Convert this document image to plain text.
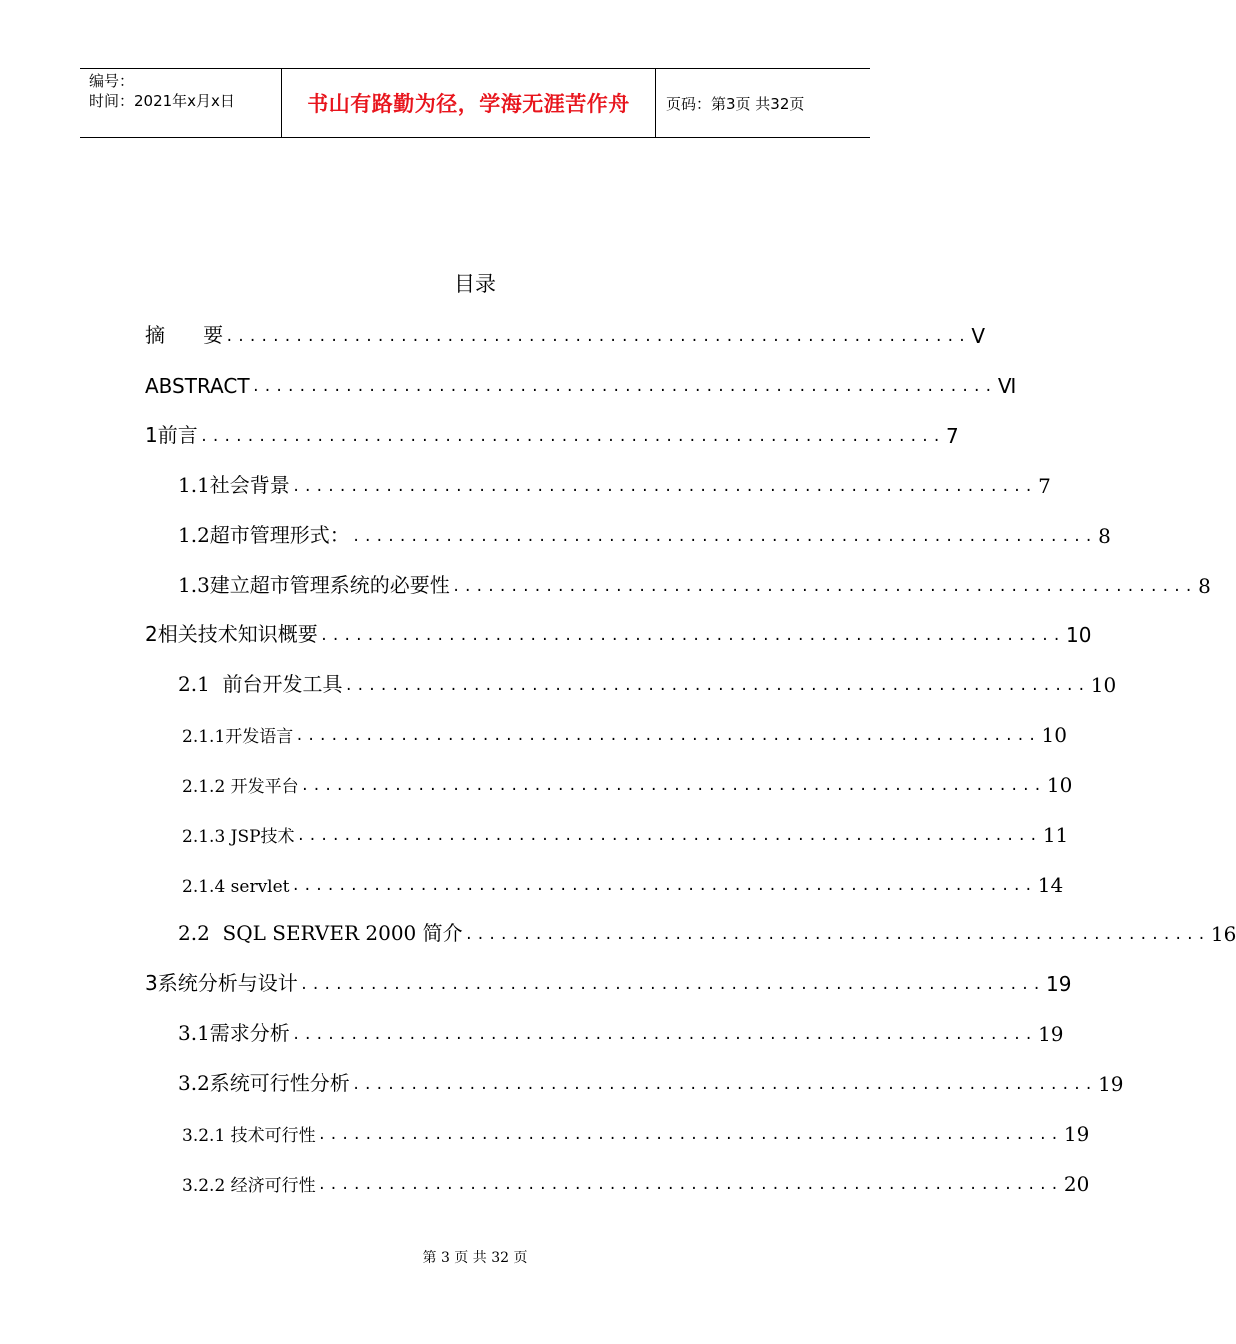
编号：
时间：2021年x月x日	书山有路勤为径，学海无涯苦作舟 页码：第3页 共32页
目录
摘      要 ................................................................ Ⅴ
ABSTRACT ................................................................ Ⅵ
1前言 ................................................................ 7
1.1社会背景 ................................................................ 7
1.2超市管理形式： ................................................................ 8
1.3建立超市管理系统的必要性 ................................................................ 8
2相关技术知识概要 ................................................................ 10
2.1  前台开发工具 ................................................................ 10
2.1.1开发语言 ................................................................ 10
2.1.2 开发平台 ................................................................ 10
2.1.3 JSP技术 ................................................................ 11
2.1.4 servlet ................................................................ 14
2.2  SQL SERVER 2000 简介 ................................................................ 16
3系统分析与设计 ................................................................ 19
3.1需求分析 ................................................................ 19
3.2系统可行性分析 ................................................................ 19
3.2.1 技术可行性 ................................................................ 19
3.2.2 经济可行性 ................................................................ 20
第 3 页 共 32 页
